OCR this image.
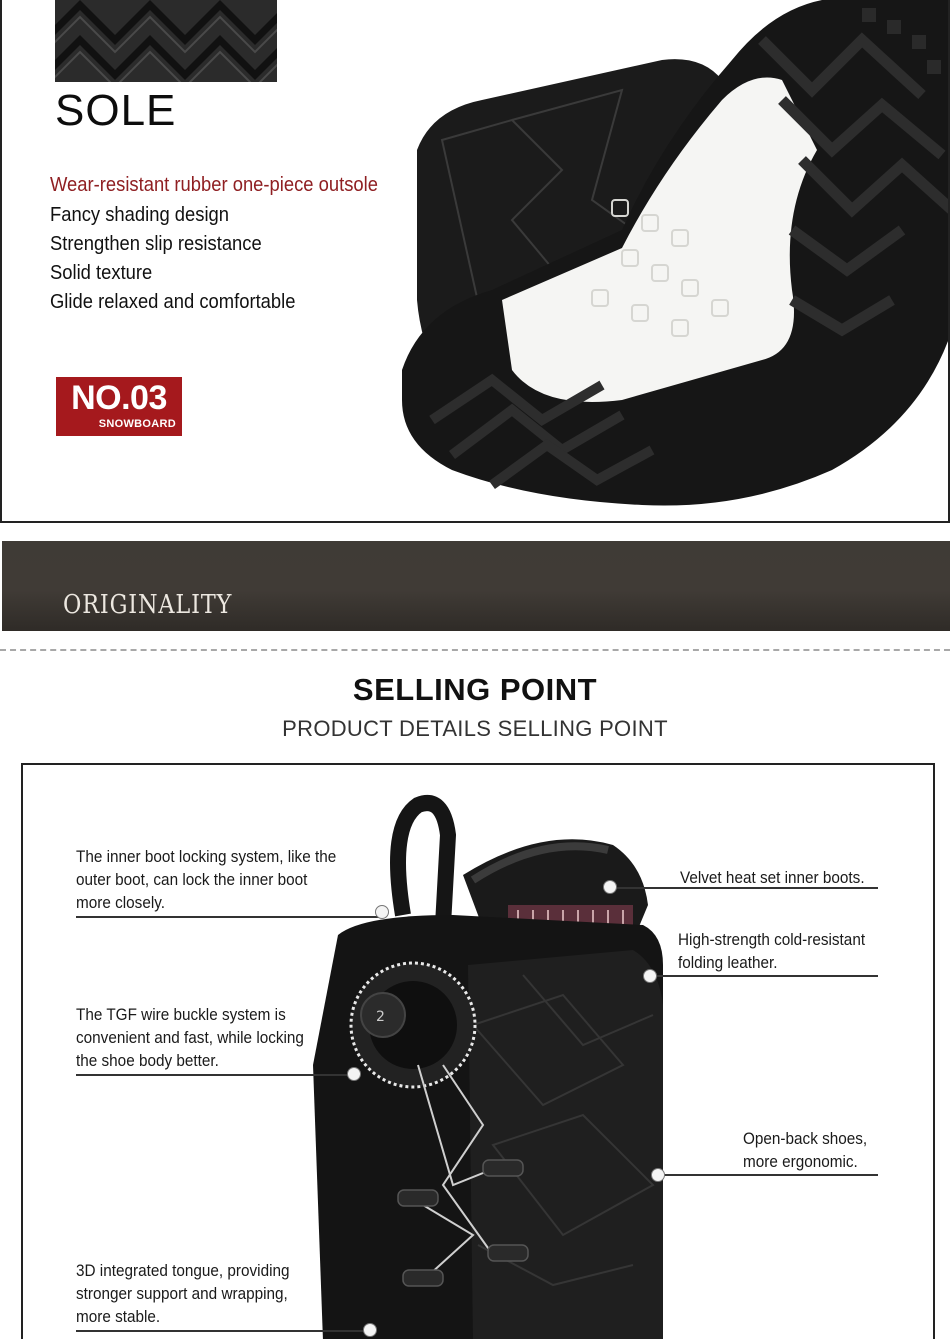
SOLE
Wear-resistant rubber one-piece outsole
Fancy shading design
Strengthen slip resistance
Solid texture
Glide relaxed and comfortable
NO.03
SNOWBOARD
ORIGINALITY
SELLING POINT
PRODUCT DETAILS SELLING POINT
2
The inner boot locking system, like the outer boot, can lock the inner boot more closely.
The TGF wire buckle system is convenient and fast, while locking the shoe body better.
3D integrated tongue, providing stronger support and wrapping, more stable.
Velvet heat set inner boots.
High-strength cold-resistant folding leather.
Open-back shoes, more ergonomic.
